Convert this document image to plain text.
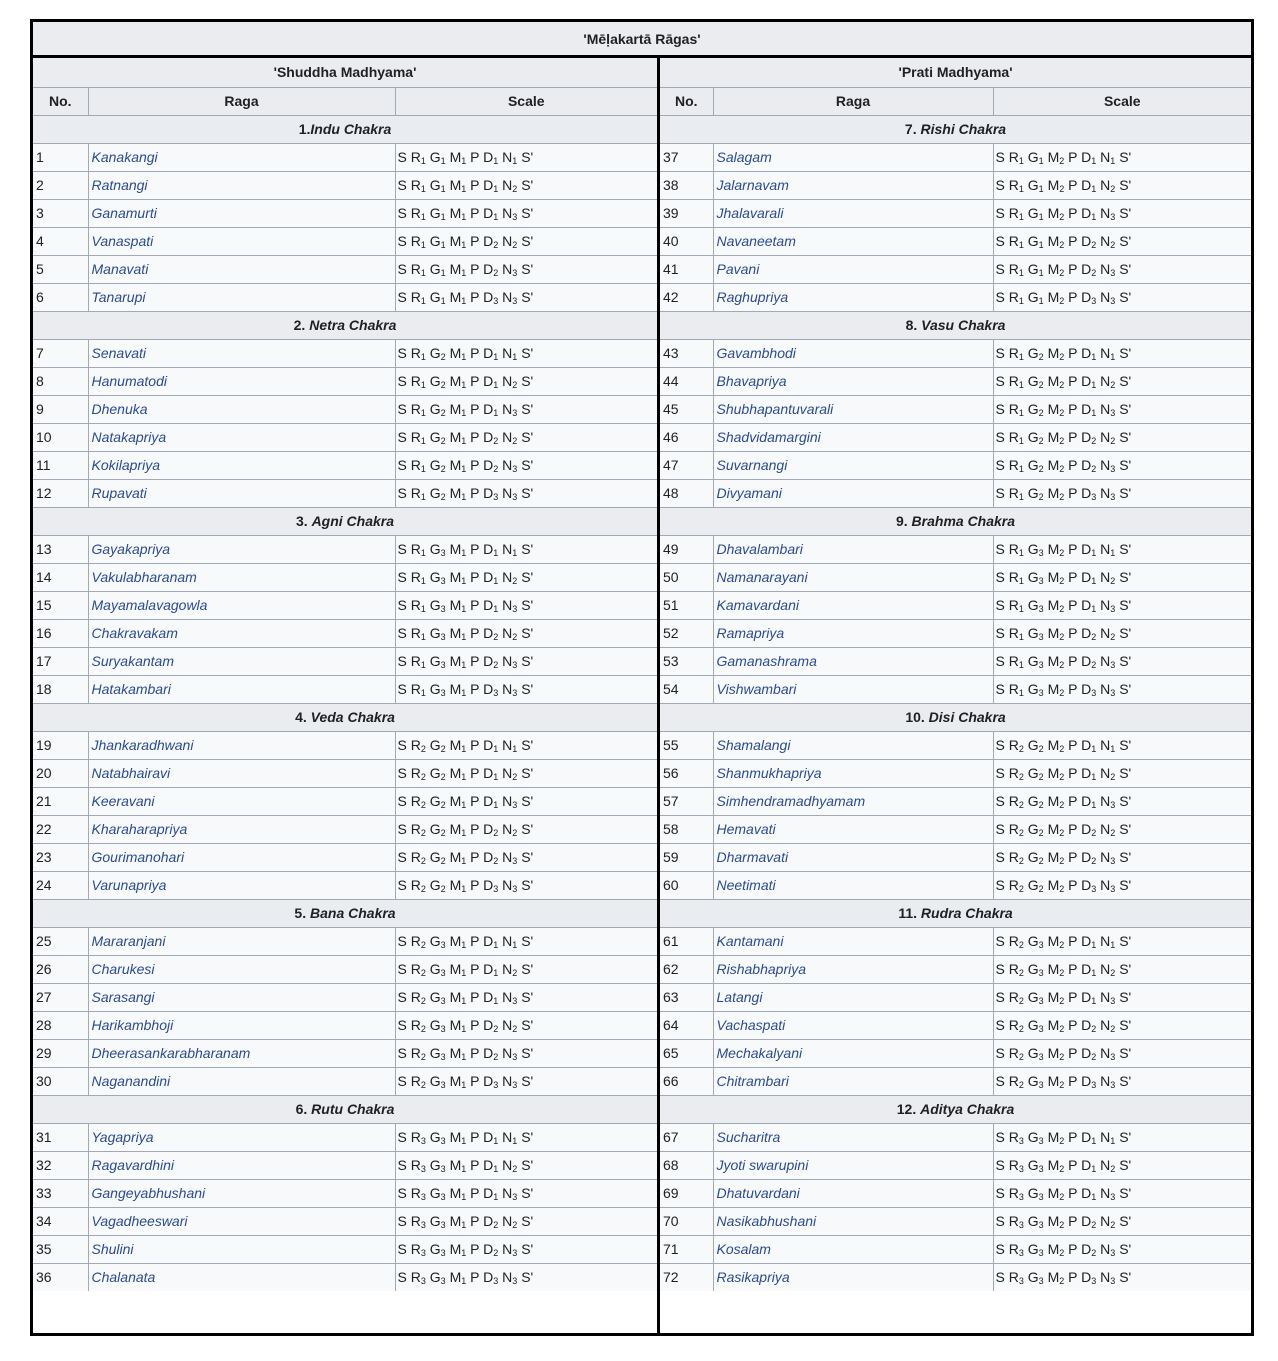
'Mēḷakartā Rāgas'
'Shuddha Madhyama'		
No.	Raga	Scale
1.Indu Chakra		
1	Kanakangi	S $R_1$ $G_1$ $M_1$ P $D_1$ $N_1$ S'
2	Ratnangi	S $R_1$ $G_1$ $M_1$ P $D_1$ $N_2$ S'
3	Ganamurti	S $R_1$ $G_1$ $M_1$ P $D_1$ $N_3$ S'
4	Vanaspati	S $R_1$ $G_1$ $M_1$ P $D_2$ $N_2$ S'
5	Manavati	S $R_1$ $G_1$ $M_1$ P $D_2$ $N_3$ S'
6	Tanarupi	S $R_1$ $G_1$ $M_1$ P $D_3$ $N_3$ S'
2. Netra Chakra		
7	Senavati	S $R_1$ $G_2$ $M_1$ P $D_1$ $N_1$ S'
8	Hanumatodi	S $R_1$ $G_2$ $M_1$ P $D_1$ $N_2$ S'
9	Dhenuka	S $R_1$ $G_2$ $M_1$ P $D_1$ $N_3$ S'
10	Natakapriya	S $R_1$ $G_2$ $M_1$ P $D_2$ $N_2$ S'
11	Kokilapriya	S $R_1$ $G_2$ $M_1$ P $D_2$ $N_3$ S'
12	Rupavati	S $R_1$ $G_2$ $M_1$ P $D_3$ $N_3$ S'
3. Agni Chakra		
13	Gayakapriya	S $R_1$ $G_3$ $M_1$ P $D_1$ $N_1$ S'
14	Vakulabharanam	S $R_1$ $G_3$ $M_1$ P $D_1$ $N_2$ S'
15	Mayamalavagowla	S $R_1$ $G_3$ $M_1$ P $D_1$ $N_3$ S'
16	Chakravakam	S $R_1$ $G_3$ $M_1$ P $D_2$ $N_2$ S'
17	Suryakantam	S $R_1$ $G_3$ $M_1$ P $D_2$ $N_3$ S'
18	Hatakambari	S $R_1$ $G_3$ $M_1$ P $D_3$ $N_3$ S'
4. Veda Chakra		
19	Jhankaradhwani	S $R_2$ $G_2$ $M_1$ P $D_1$ $N_1$ S'
20	Natabhairavi	S $R_2$ $G_2$ $M_1$ P $D_1$ $N_2$ S'
21	Keeravani	S $R_2$ $G_2$ $M_1$ P $D_1$ $N_3$ S'
22	Kharaharapriya	S $R_2$ $G_2$ $M_1$ P $D_2$ $N_2$ S'
23	Gourimanohari	S $R_2$ $G_2$ $M_1$ P $D_2$ $N_3$ S'
24	Varunapriya	S $R_2$ $G_2$ $M_1$ P $D_3$ $N_3$ S'
5. Bana Chakra		
25	Mararanjani	S $R_2$ $G_3$ $M_1$ P $D_1$ $N_1$ S'
26	Charukesi	S $R_2$ $G_3$ $M_1$ P $D_1$ $N_2$ S'
27	Sarasangi	S $R_2$ $G_3$ $M_1$ P $D_1$ $N_3$ S'
28	Harikambhoji	S $R_2$ $G_3$ $M_1$ P $D_2$ $N_2$ S'
29	Dheerasankarabharanam	S $R_2$ $G_3$ $M_1$ P $D_2$ $N_3$ S'
30	Naganandini	S $R_2$ $G_3$ $M_1$ P $D_3$ $N_3$ S'
6. Rutu Chakra		
31	Yagapriya	S $R_3$ $G_3$ $M_1$ P $D_1$ $N_1$ S'
32	Ragavardhini	S $R_3$ $G_3$ $M_1$ P $D_1$ $N_2$ S'
33	Gangeyabhushani	S $R_3$ $G_3$ $M_1$ P $D_1$ $N_3$ S'
34	Vagadheeswari	S $R_3$ $G_3$ $M_1$ P $D_2$ $N_2$ S'
35	Shulini	S $R_3$ $G_3$ $M_1$ P $D_2$ $N_3$ S'
36	Chalanata	S $R_3$ $G_3$ $M_1$ P $D_3$ $N_3$ S'
'Prati Madhyama'		
No.	Raga	Scale
7. Rishi Chakra		
37	Salagam	S $R_1$ $G_1$ $M_2$ P $D_1$ $N_1$ S'
38	Jalarnavam	S $R_1$ $G_1$ $M_2$ P $D_1$ $N_2$ S'
39	Jhalavarali	S $R_1$ $G_1$ $M_2$ P $D_1$ $N_3$ S'
40	Navaneetam	S $R_1$ $G_1$ $M_2$ P $D_2$ $N_2$ S'
41	Pavani	S $R_1$ $G_1$ $M_2$ P $D_2$ $N_3$ S'
42	Raghupriya	S $R_1$ $G_1$ $M_2$ P $D_3$ $N_3$ S'
8. Vasu Chakra		
43	Gavambhodi	S $R_1$ $G_2$ $M_2$ P $D_1$ $N_1$ S'
44	Bhavapriya	S $R_1$ $G_2$ $M_2$ P $D_1$ $N_2$ S'
45	Shubhapantuvarali	S $R_1$ $G_2$ $M_2$ P $D_1$ $N_3$ S'
46	Shadvidamargini	S $R_1$ $G_2$ $M_2$ P $D_2$ $N_2$ S'
47	Suvarnangi	S $R_1$ $G_2$ $M_2$ P $D_2$ $N_3$ S'
48	Divyamani	S $R_1$ $G_2$ $M_2$ P $D_3$ $N_3$ S'
9. Brahma Chakra		
49	Dhavalambari	S $R_1$ $G_3$ $M_2$ P $D_1$ $N_1$ S'
50	Namanarayani	S $R_1$ $G_3$ $M_2$ P $D_1$ $N_2$ S'
51	Kamavardani	S $R_1$ $G_3$ $M_2$ P $D_1$ $N_3$ S'
52	Ramapriya	S $R_1$ $G_3$ $M_2$ P $D_2$ $N_2$ S'
53	Gamanashrama	S $R_1$ $G_3$ $M_2$ P $D_2$ $N_3$ S'
54	Vishwambari	S $R_1$ $G_3$ $M_2$ P $D_3$ $N_3$ S'
10. Disi Chakra		
55	Shamalangi	S $R_2$ $G_2$ $M_2$ P $D_1$ $N_1$ S'
56	Shanmukhapriya	S $R_2$ $G_2$ $M_2$ P $D_1$ $N_2$ S'
57	Simhendramadhyamam	S $R_2$ $G_2$ $M_2$ P $D_1$ $N_3$ S'
58	Hemavati	S $R_2$ $G_2$ $M_2$ P $D_2$ $N_2$ S'
59	Dharmavati	S $R_2$ $G_2$ $M_2$ P $D_2$ $N_3$ S'
60	Neetimati	S $R_2$ $G_2$ $M_2$ P $D_3$ $N_3$ S'
11. Rudra Chakra		
61	Kantamani	S $R_2$ $G_3$ $M_2$ P $D_1$ $N_1$ S'
62	Rishabhapriya	S $R_2$ $G_3$ $M_2$ P $D_1$ $N_2$ S'
63	Latangi	S $R_2$ $G_3$ $M_2$ P $D_1$ $N_3$ S'
64	Vachaspati	S $R_2$ $G_3$ $M_2$ P $D_2$ $N_2$ S'
65	Mechakalyani	S $R_2$ $G_3$ $M_2$ P $D_2$ $N_3$ S'
66	Chitrambari	S $R_2$ $G_3$ $M_2$ P $D_3$ $N_3$ S'
12. Aditya Chakra		
67	Sucharitra	S $R_3$ $G_3$ $M_2$ P $D_1$ $N_1$ S'
68	Jyoti swarupini	S $R_3$ $G_3$ $M_2$ P $D_1$ $N_2$ S'
69	Dhatuvardani	S $R_3$ $G_3$ $M_2$ P $D_1$ $N_3$ S'
70	Nasikabhushani	S $R_3$ $G_3$ $M_2$ P $D_2$ $N_2$ S'
71	Kosalam	S $R_3$ $G_3$ $M_2$ P $D_2$ $N_3$ S'
72	Rasikapriya	S $R_3$ $G_3$ $M_2$ P $D_3$ $N_3$ S'
